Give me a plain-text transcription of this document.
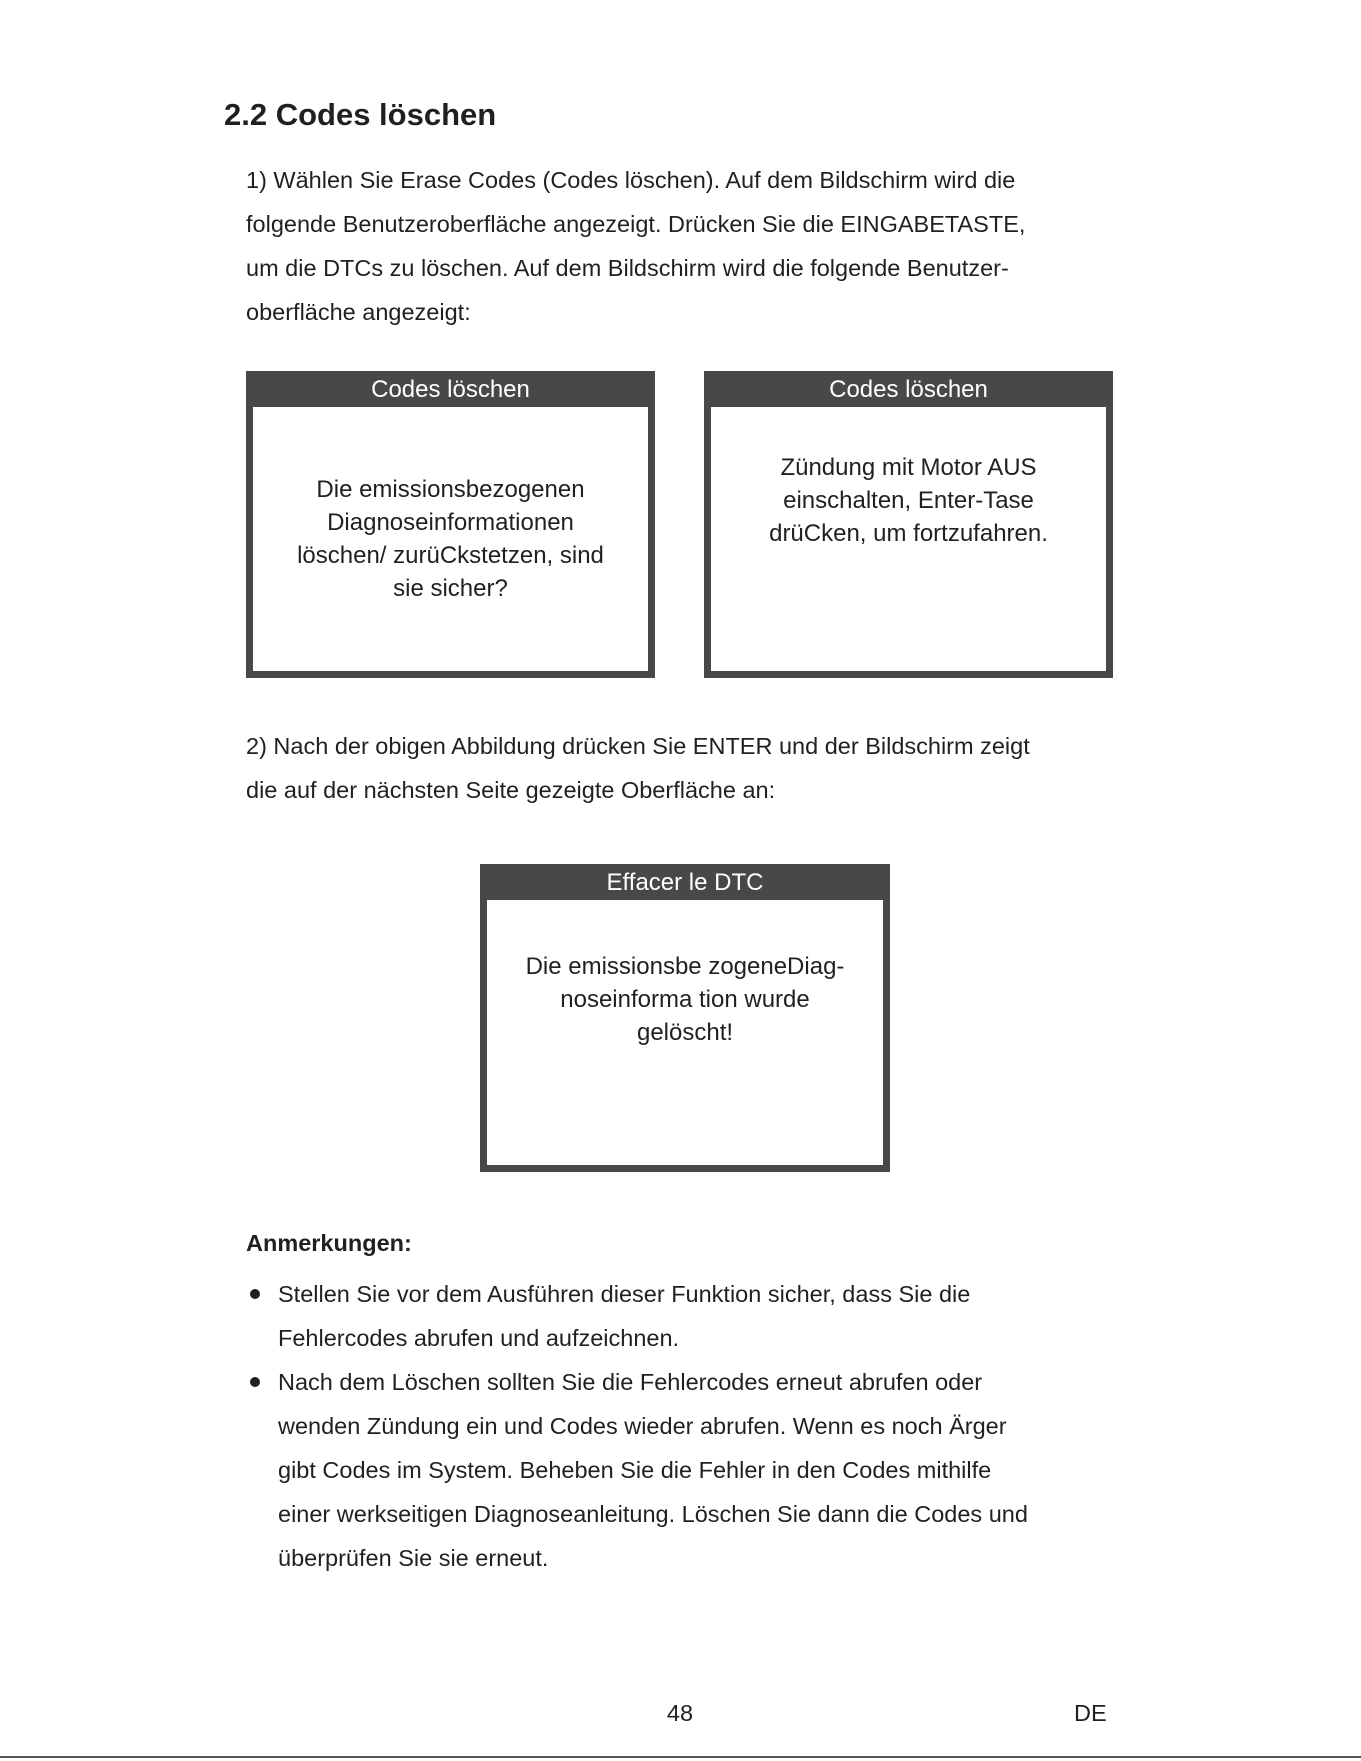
2.2 Codes löschen

1) Wählen Sie Erase Codes (Codes löschen). Auf dem Bildschirm wird die
folgende Benutzeroberfläche angezeigt. Drücken Sie die EINGABETASTE,
um die DTCs zu löschen. Auf dem Bildschirm wird die folgende Benutzer-
oberfläche angezeigt:

Codes löschen
Die emissionsbezogenen
Diagnoseinformationen
löschen/ zurüCkstetzen, sind
sie sicher?
Codes löschen
Zündung mit Motor AUS
einschalten, Enter-Tase
drüCken, um fortzufahren.

2) Nach der obigen Abbildung drücken Sie ENTER und der Bildschirm zeigt
die auf der nächsten Seite gezeigte Oberfläche an:

Effacer le DTC
Die emissionsbe zogeneDiag-
noseinforma tion wurde
gelöscht!
Anmerkungen:
Stellen Sie vor dem Ausführen dieser Funktion sicher, dass Sie die
Fehlercodes abrufen und aufzeichnen.
Nach dem Löschen sollten Sie die Fehlercodes erneut abrufen oder
wenden Zündung ein und Codes wieder abrufen. Wenn es noch Ärger
gibt Codes im System. Beheben Sie die Fehler in den Codes mithilfe
einer werkseitigen Diagnoseanleitung. Löschen Sie dann die Codes und
überprüfen Sie sie erneut.
48	DE
